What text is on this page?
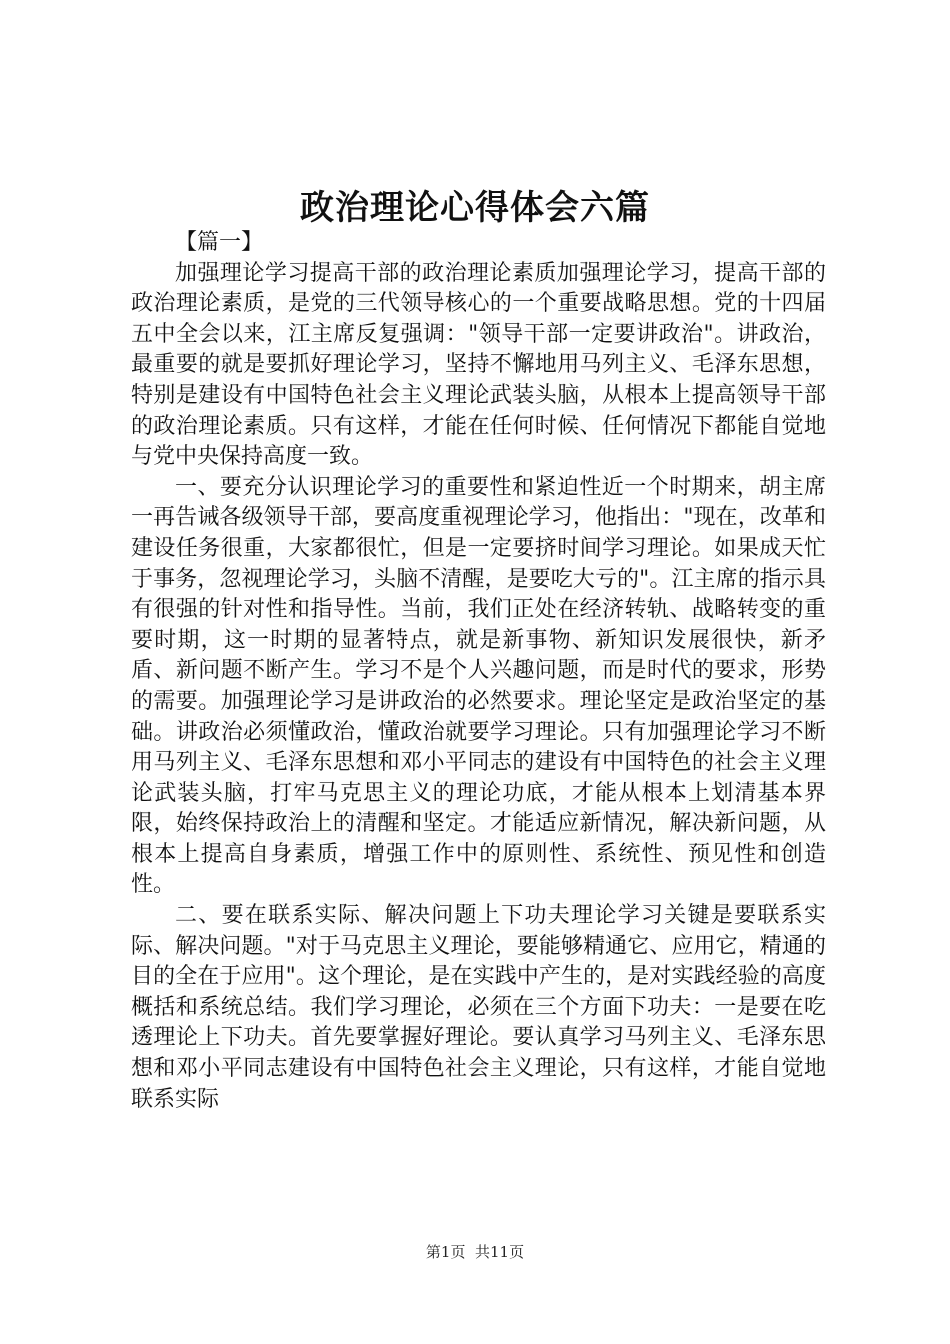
政治理论心得体会六篇

【篇一】

加强理论学习提高干部的政治理论素质加强理论学习，提高干部的政治理论素质，是党的三代领导核心的一个重要战略思想。党的十四届五中全会以来，江主席反复强调："领导干部一定要讲政治"。讲政治，最重要的就是要抓好理论学习，坚持不懈地用马列主义、毛泽东思想，特别是建设有中国特色社会主义理论武装头脑，从根本上提高领导干部的政治理论素质。只有这样，才能在任何时候、任何情况下都能自觉地与党中央保持高度一致。

一、要充分认识理论学习的重要性和紧迫性近一个时期来，胡主席一再告诫各级领导干部，要高度重视理论学习，他指出："现在，改革和建设任务很重，大家都很忙，但是一定要挤时间学习理论。如果成天忙于事务，忽视理论学习，头脑不清醒，是要吃大亏的"。江主席的指示具有很强的针对性和指导性。当前，我们正处在经济转轨、战略转变的重要时期，这一时期的显著特点，就是新事物、新知识发展很快，新矛盾、新问题不断产生。学习不是个人兴趣问题，而是时代的要求，形势的需要。加强理论学习是讲政治的必然要求。理论坚定是政治坚定的基础。讲政治必须懂政治，懂政治就要学习理论。只有加强理论学习不断用马列主义、毛泽东思想和邓小平同志的建设有中国特色的社会主义理论武装头脑，打牢马克思主义的理论功底，才能从根本上划清基本界限，始终保持政治上的清醒和坚定。才能适应新情况，解决新问题，从根本上提高自身素质，增强工作中的原则性、系统性、预见性和创造性。

二、要在联系实际、解决问题上下功夫理论学习关键是要联系实际、解决问题。"对于马克思主义理论，要能够精通它、应用它，精通的目的全在于应用"。这个理论，是在实践中产生的，是对实践经验的高度概括和系统总结。我们学习理论，必须在三个方面下功夫：一是要在吃透理论上下功夫。首先要掌握好理论。要认真学习马列主义、毛泽东思想和邓小平同志建设有中国特色社会主义理论，只有这样，才能自觉地联系实际

第1页 共11页
